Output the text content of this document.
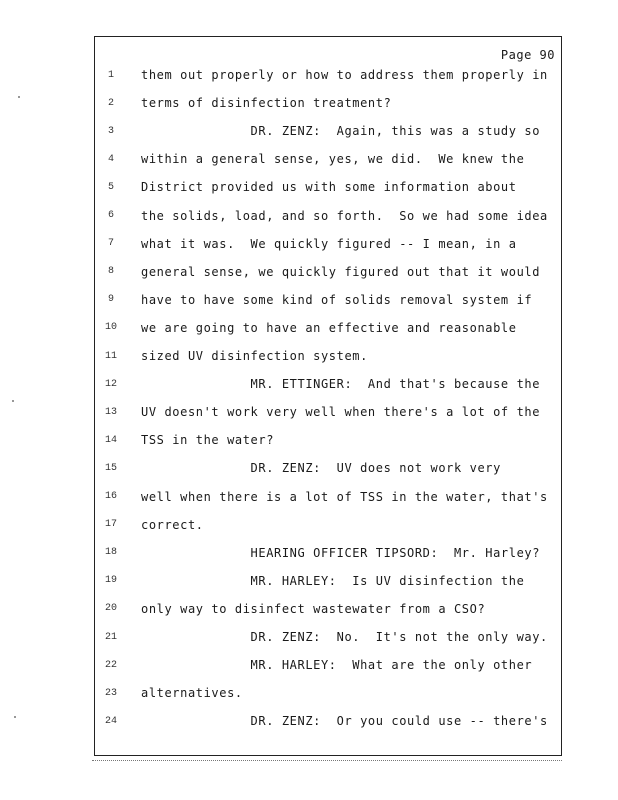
Page 90
1	them out properly or how to address them properly in
2	terms of disinfection treatment?
3	DR. ZENZ:  Again, this was a study so
4	within a general sense, yes, we did.  We knew the
5	District provided us with some information about
6	the solids, load, and so forth.  So we had some idea
7	what it was.  We quickly figured -- I mean, in a
8	general sense, we quickly figured out that it would
9	have to have some kind of solids removal system if
10	we are going to have an effective and reasonable
11	sized UV disinfection system.
12	MR. ETTINGER:  And that's because the
13	UV doesn't work very well when there's a lot of the
14	TSS in the water?
15	DR. ZENZ:  UV does not work very
16	well when there is a lot of TSS in the water, that's
17	correct.
18	HEARING OFFICER TIPSORD:  Mr. Harley?
19	MR. HARLEY:  Is UV disinfection the
20	only way to disinfect wastewater from a CSO?
21	DR. ZENZ:  No.  It's not the only way.
22	MR. HARLEY:  What are the only other
23	alternatives.
24	DR. ZENZ:  Or you could use -- there's
